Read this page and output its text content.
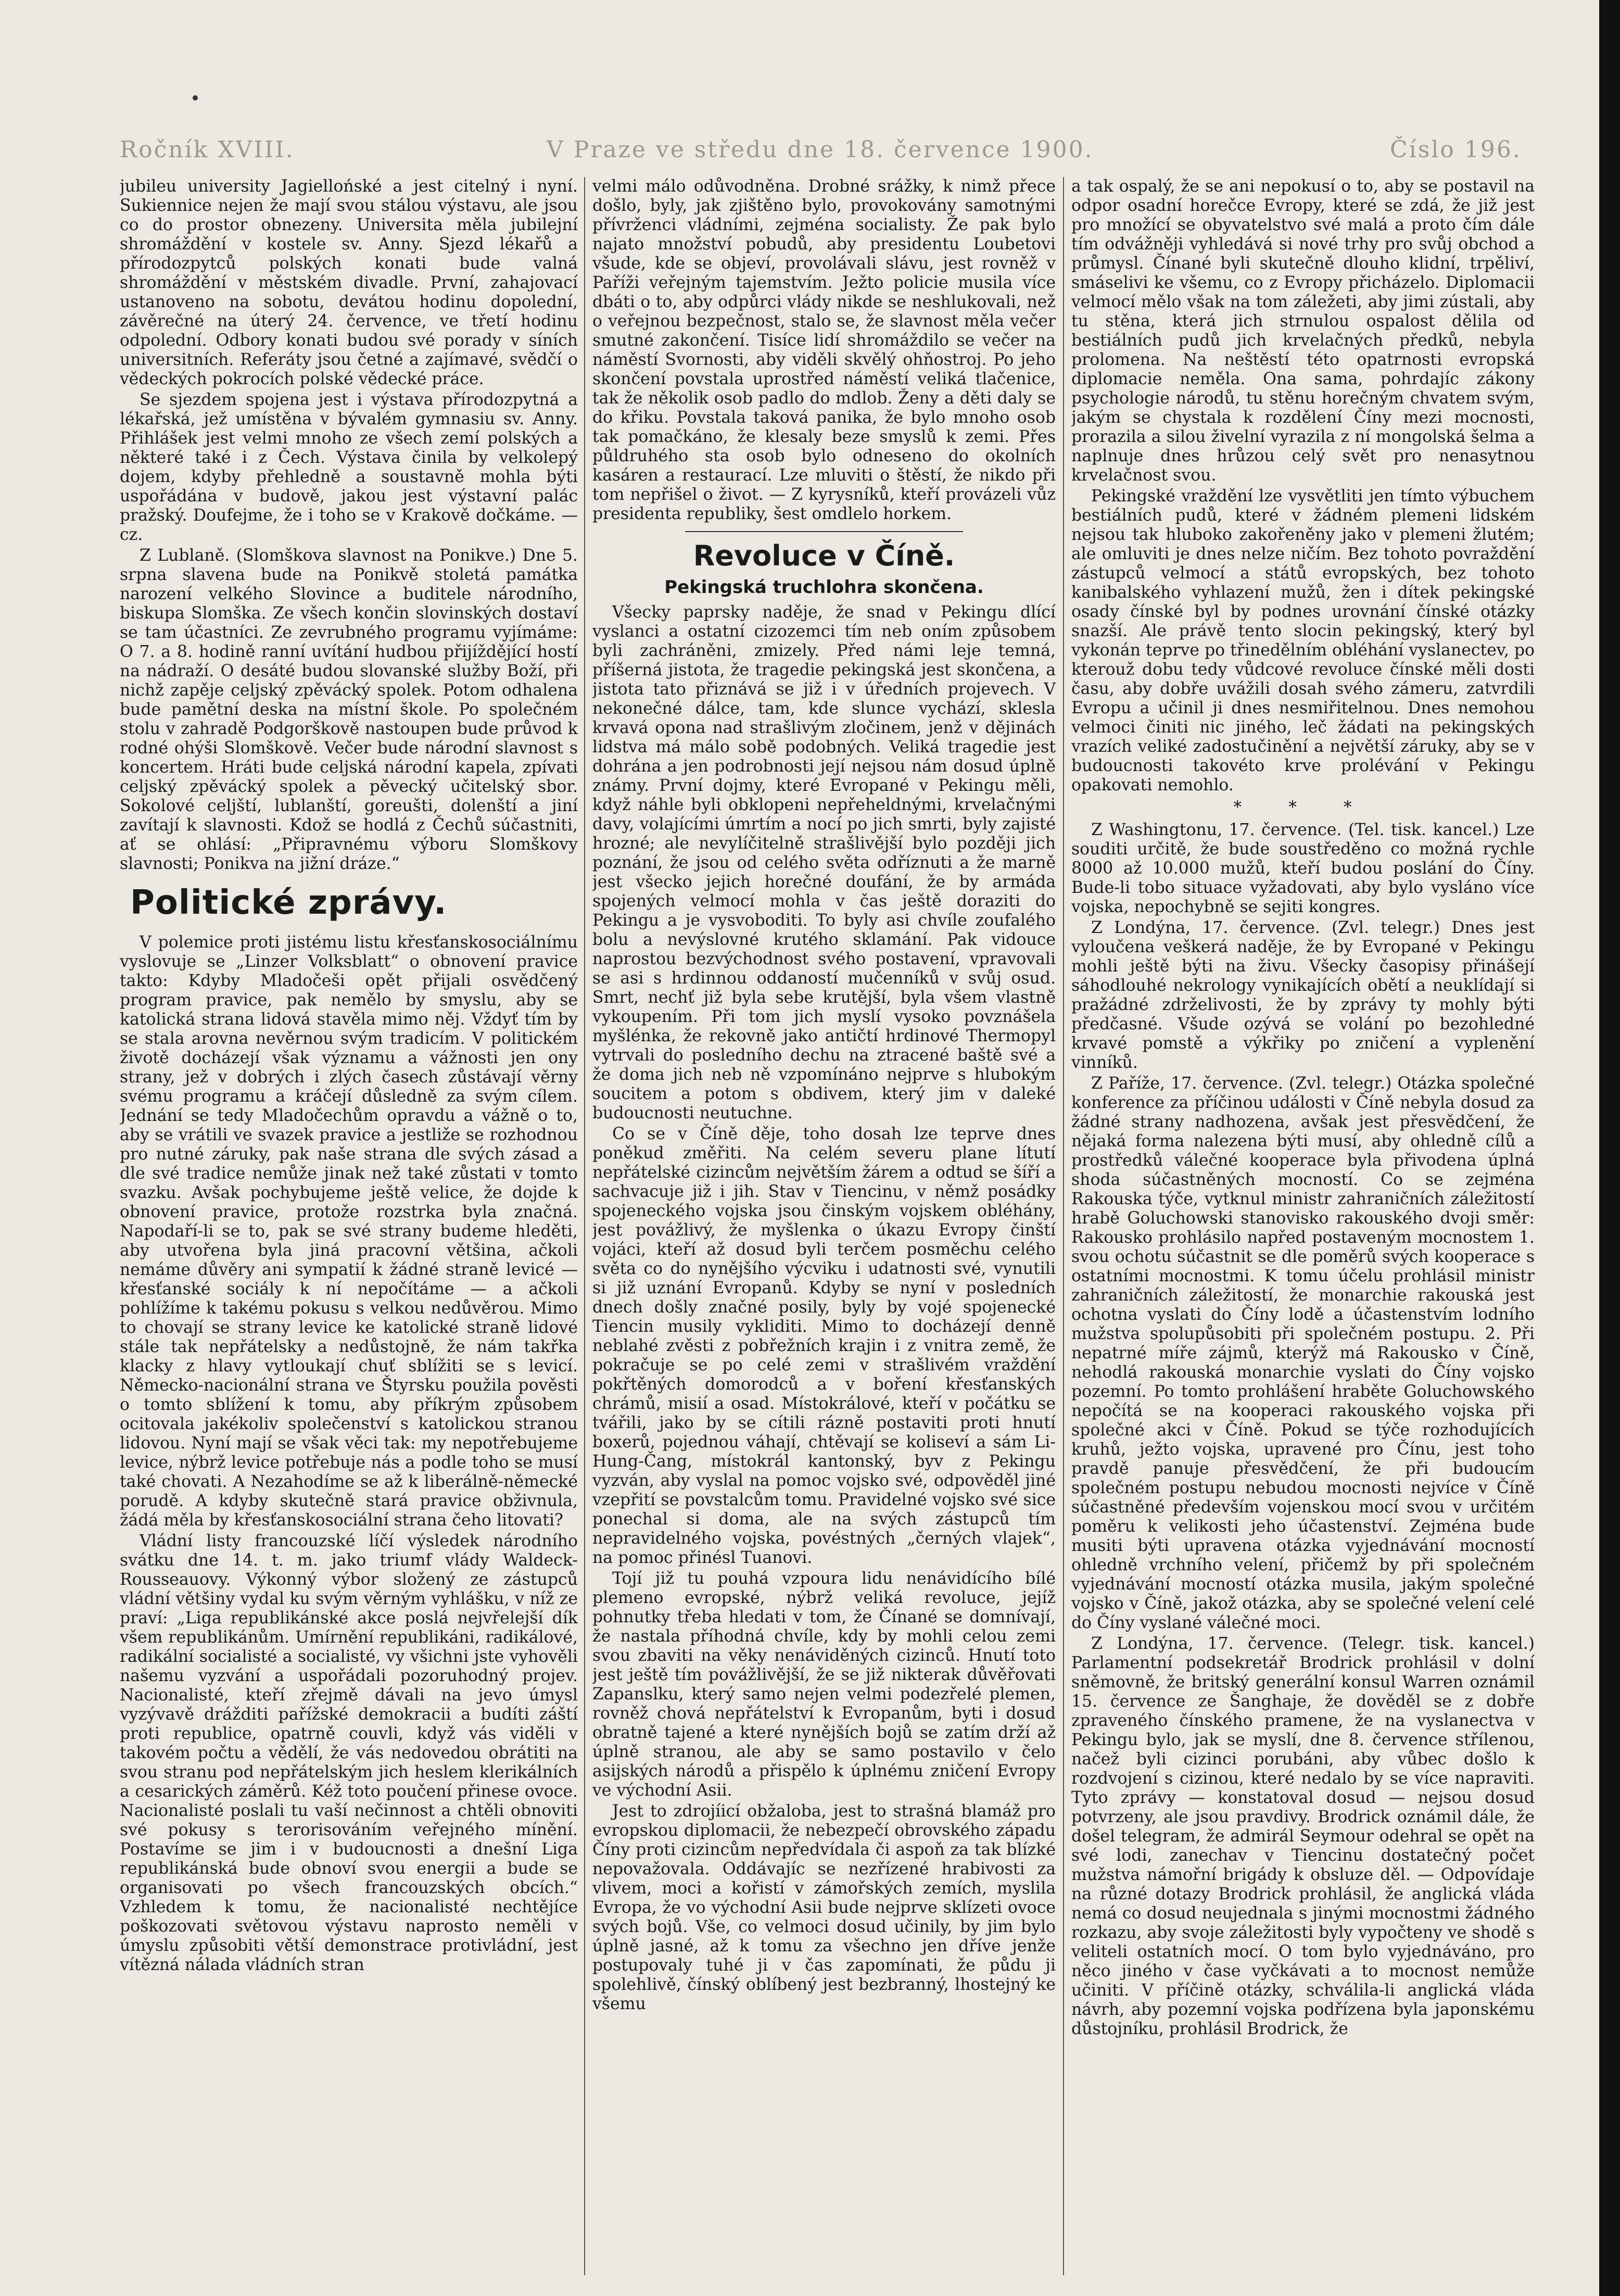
Ročník XVIII.	V Praze ve středu dne 18. července 1900.	Číslo 196.

jubileu university Jagiellońské a jest citelný i nyní. Sukiennice nejen že mají svou stálou výstavu, ale jsou co do prostor obnezeny. Universita měla jubilejní shromáždění v kostele sv. Anny. Sjezd lékařů a přírodozpytců polských konati bude valná shromáždění v městském divadle. První, zahajovací ustanoveno na sobotu, devátou hodinu dopolední, závěrečné na úterý 24. července, ve třetí hodinu odpolední. Odbory konati budou své porady v síních universitních. Referáty jsou četné a zajímavé, svědčí o vědeckých pokrocích polské vědecké práce.

Se sjezdem spojena jest i výstava přírodozpytná a lékařská, jež umístěna v bývalém gymnasiu sv. Anny. Přihlášek jest velmi mnoho ze všech zemí polských a některé také i z Čech. Výstava činila by velkolepý dojem, kdyby přehledně a soustavně mohla býti uspořádána v budově, jakou jest výstavní palác pražský. Doufejme, že i toho se v Krakově dočkáme. —cz.

Z Lublaně. (Slomškova slavnost na Ponikve.) Dne 5. srpna slavena bude na Ponikvě stoletá památka narození velkého Slovince a buditele národního, biskupa Slomška. Ze všech končin slovinských dostaví se tam účastníci. Ze zevrubného programu vyjímáme: O 7. a 8. hodině ranní uvítání hudbou přijíždějící hostí na nádraží. O desáté budou slovanské služby Boží, při nichž zapěje celjský zpěvácký spolek. Potom odhalena bude pamětní deska na místní škole. Po společném stolu v zahradě Podgorškově nastoupen bude průvod k rodné ohýši Slomškově. Večer bude národní slavnost s koncertem. Hráti bude celjská národní kapela, zpívati celjský zpěvácký spolek a pěvecký učitelský sbor. Sokolové celjští, lublanští, goreušti, dolenští a jiní zavítají k slavnosti. Kdož se hodlá z Čechů súčastniti, ať se ohlásí: „Připravnému výboru Slomškovy slavnosti; Ponikva na jižní dráze.“

Politické zprávy.

V polemice proti jistému listu křesťanskosociálnímu vyslovuje se „Linzer Volksblatt“ o obnovení pravice takto: Kdyby Mladočeši opět přijali osvědčený program pravice, pak nemělo by smyslu, aby se katolická strana lidová stavěla mimo něj. Vždyť tím by se stala arovna nevěrnou svým tradicím. V politickém životě docházejí však významu a vážnosti jen ony strany, jež v dobrých i zlých časech zůstávají věrny svému programu a kráčejí důsledně za svým cílem. Jednání se tedy Mladočechům opravdu a vážně o to, aby se vrátili ve svazek pravice a jestliže se rozhodnou pro nutné záruky, pak naše strana dle svých zásad a dle své tradice nemůže jinak než také zůstati v tomto svazku. Avšak pochybujeme ještě velice, že dojde k obnovení pravice, protože rozstrka byla značná. Napodaří-li se to, pak se své strany budeme hleděti, aby utvořena byla jiná pracovní většina, ačkoli nemáme důvěry ani sympatií k žádné straně levicé — křesťanské sociály k ní nepočítáme — a ačkoli pohlížíme k takému pokusu s velkou nedůvěrou. Mimo to chovají se strany levice ke katolické straně lidové stále tak nepřátelsky a nedůstojně, že nám takřka klacky z hlavy vytloukají chuť sblížiti se s levicí. Německo-nacionální strana ve Štyrsku použila pověsti o tomto sblížení k tomu, aby příkrým způsobem ocitovala jakékoliv společenství s katolickou stranou lidovou. Nyní mají se však věci tak: my nepotřebujeme levice, nýbrž levice potřebuje nás a podle toho se musí také chovati. A Nezahodíme se až k liberálně-německé porudě. A kdyby skutečně stará pravice obživnula, žádá měla by křesťanskosociální strana čeho litovati?

Vládní listy francouzské líčí výsledek národního svátku dne 14. t. m. jako triumf vlády Waldeck-Rousseauovy. Výkonný výbor složený ze zástupců vládní většiny vydal ku svým věrným vyhlášku, v níž ze praví: „Liga republikánské akce poslá nejvřelejší dík všem republikánům. Umírnění republikáni, radikálové, radikální socialisté a socialisté, vy všichni jste vyhověli našemu vyzvání a uspořádali pozoruhodný projev. Nacionalisté, kteří zřejmě dávali na jevo úmysl vyzývavě drážditi pařížské demokracii a budíti záští proti republice, opatrně couvli, když vás viděli v takovém počtu a vědělí, že vás nedovedou obrátiti na svou stranu pod nepřátelským jich heslem klerikálních a cesarických záměrů. Kéž toto poučení přinese ovoce. Nacionalisté poslali tu vaší nečinnost a chtěli obnoviti své pokusy s terorisováním veřejného mínění. Postavíme se jim i v budoucnosti a dnešní Liga republikánská bude obnoví svou energii a bude se organisovati po všech francouzských obcích.“ Vzhledem k tomu, že nacionalisté nechtějíce poškozovati světovou výstavu naprosto neměli v úmyslu způsobiti větší demonstrace protivládní, jest vítězná nálada vládních stran

velmi málo odůvodněna. Drobné srážky, k nimž přece došlo, byly, jak zjištěno bylo, provokovány samotnými přívrženci vládními, zejména socialisty. Že pak bylo najato množství pobudů, aby presidentu Loubetovi všude, kde se objeví, provolávali slávu, jest rovněž v Paříži veřejným tajemstvím. Ježto policie musila více dbáti o to, aby odpůrci vlády nikde se neshlukovali, než o veřejnou bezpečnost, stalo se, že slavnost měla večer smutné zakončení. Tisíce lidí shromáždilo se večer na náměstí Svornosti, aby viděli skvělý ohňostroj. Po jeho skončení povstala uprostřed náměstí veliká tlačenice, tak že několik osob padlo do mdlob. Ženy a děti daly se do křiku. Povstala taková panika, že bylo mnoho osob tak pomačkáno, že klesaly beze smyslů k zemi. Přes půldruhého sta osob bylo odneseno do okolních kasáren a restaurací. Lze mluviti o štěstí, že nikdo při tom nepřišel o život. — Z kyrysníků, kteří provázeli vůz presidenta republiky, šest omdlelo horkem.

Revoluce v Číně.
Pekingská truchlohra skončena.

Všecky paprsky naděje, že snad v Pekingu dlící vyslanci a ostatní cizozemci tím neb oním způsobem byli zachráněni, zmizely. Před námi leje temná, příšerná jistota, že tragedie pekingská jest skončena, a jistota tato přiznává se již i v úředních projevech. V nekonečné dálce, tam, kde slunce vychází, sklesla krvavá opona nad strašlivým zločinem, jenž v dějinách lidstva má málo sobě podobných. Veliká tragedie jest dohrána a jen podrobnosti její nejsou nám dosud úplně známy. První dojmy, které Evropané v Pekingu měli, když náhle byli obklopeni nepřeheldnými, krvelačnými davy, volajícími úmrtím a nocí po jich smrti, byly zajisté hrozné; ale nevylíčitelně strašlivější bylo později jich poznání, že jsou od celého světa odříznuti a že marně jest všecko jejich horečné doufání, že by armáda spojených velmocí mohla v čas ještě doraziti do Pekingu a je vysvoboditi. To byly asi chvíle zoufalého bolu a nevýslovné krutého sklamání. Pak vidouce naprostou bezvýchodnost svého postavení, vpravovali se asi s hrdinnou oddaností mučenníků v svůj osud. Smrt, nechť již byla sebe krutější, byla všem vlastně vykoupením. Při tom jich myslí vysoko povznášela myšlénka, že rekovně jako antičtí hrdinové Thermopyl vytrvali do posledního dechu na ztracené baště své a že doma jich neb ně vzpomínáno nejprve s hlubokým soucitem a potom s obdivem, který jim v daleké budoucnosti neutuchne.

Co se v Číně děje, toho dosah lze teprve dnes poněkud změřiti. Na celém severu plane lítutí nepřátelské cizincům největším žárem a odtud se šíří a sachvacuje již i jih. Stav v Tiencinu, v němž posádky spojeneckého vojska jsou činským vojskem obléhány, jest povážlivý, že myšlenka o úkazu Evropy činští vojáci, kteří až dosud byli terčem posměchu celého světa co do nynějšího výcviku i udatnosti své, vynutili si již uznání Evropanů. Kdyby se nyní v posledních dnech došly značné posily, byly by vojé spojenecké Tiencin musily vykliditi. Mimo to docházejí denně neblahé zvěsti z pobřežních krajin i z vnitra země, že pokračuje se po celé zemi v strašlivém vraždění pokřtěných domorodců a v boření křesťanských chrámů, misií a osad. Místokrálové, kteří v počátku se tvářili, jako by se cítili rázně postaviti proti hnutí boxerů, pojednou váhají, chtěvají se koliseví a sám Li-Hung-Čang, místokrál kantonský, byv z Pekingu vyzván, aby vyslal na pomoc vojsko své, odpověděl jiné vzepřití se povstalcům tomu. Pravidelné vojsko své sice ponechal si doma, ale na svých zástupců tím nepravidelného vojska, povéstných „černých vlajek“, na pomoc přinésl Tuanovi.

Tojí již tu pouhá vzpoura lidu nenávidícího bílé plemeno evropské, nýbrž veliká revoluce, jejíž pohnutky třeba hledati v tom, že Čínané se domnívají, že nastala příhodná chvíle, kdy by mohli celou zemi svou zbaviti na věky nenáviděných cizinců. Hnutí toto jest ještě tím povážlivější, že se již nikterak důvěřovati Zapanslku, který samo nejen velmi podezřelé plemen, rovněž chová nepřátelství k Evropanům, byti i dosud obratně tajené a které nynějších bojů se zatím drží až úplně stranou, ale aby se samo postavilo v čelo asijských národů a přispělo k úplnému zničení Evropy ve východní Asii.

Jest to zdrojíicí obžaloba, jest to strašná blamáž pro evropskou diplomacii, že nebezpečí obrovského západu Číny proti cizincům nepředvídala či aspoň za tak blízké nepovažovala. Oddávajíc se nezřízené hrabivosti za vlivem, moci a kořistí v zámořských zemích, myslila Evropa, že vo východní Asii bude nejprve sklízeti ovoce svých bojů. Vše, co velmoci dosud učinily, by jim bylo úplně jasné, až k tomu za všechno jen dříve jenže postupovaly tuhé ji v čas zapomínati, že půdu ji spolehlivě, čínský oblíbený jest bezbranný, lhostejný ke všemu

a tak ospalý, že se ani nepokusí o to, aby se postavil na odpor osadní horečce Evropy, které se zdá, že již jest pro množící se obyvatelstvo své malá a proto čím dále tím odvážněji vyhledává si nové trhy pro svůj obchod a průmysl. Čínané byli skutečně dlouho klidní, trpěliví, smáselivi ke všemu, co z Evropy přicházelo. Diplomacii velmocí mělo však na tom záležeti, aby jimi zústali, aby tu stěna, která jich strnulou ospalost dělila od bestiálních pudů jich krvelačných předků, nebyla prolomena. Na neštěstí této opatrnosti evropská diplomacie neměla. Ona sama, pohrdajíc zákony psychologie národů, tu stěnu horečným chvatem svým, jakým se chystala k rozdělení Číny mezi mocnosti, prorazila a silou živelní vyrazila z ní mongolská šelma a naplnuje dnes hrůzou celý svět pro nenasytnou krvelačnost svou.

Pekingské vraždění lze vysvětliti jen tímto výbuchem bestiálních pudů, které v žádném plemeni lidském nejsou tak hluboko zakořeněny jako v plemeni žlutém; ale omluviti je dnes nelze ničím. Bez tohoto povraždění zástupců velmocí a států evropských, bez tohoto kanibalského vyhlazení mužů, žen i dítek pekingské osady čínské byl by podnes urovnání čínské otázky snazší. Ale právě tento slocin pekingský, který byl vykonán teprve po třinedělním obléhání vyslanectev, po kterouž dobu tedy vůdcové revoluce čínské měli dosti času, aby dobře uvážili dosah svého zámeru, zatvrdili Evropu a učinil ji dnes nesmiřitelnou. Dnes nemohou velmoci činiti nic jiného, leč žádati na pekingských vrazích veliké zadostučinění a největší záruky, aby se v budoucnosti takovéto krve prolévání v Pekingu opakovati nemohlo.

* * *

Z Washingtonu, 17. července. (Tel. tisk. kancel.) Lze souditi určitě, že bude soustředěno co možná rychle 8000 až 10.000 mužů, kteří budou poslání do Číny. Bude-li tobo situace vyžadovati, aby bylo vysláno více vojska, nepochybně se sejiti kongres.

Z Londýna, 17. července. (Zvl. telegr.) Dnes jest vyloučena veškerá naděje, že by Evropané v Pekingu mohli ještě býti na živu. Všecky časopisy přinášejí sáhodlouhé nekrology vynikajících obětí a neuklídají si pražádné zdrželivosti, že by zprávy ty mohly býti předčasné. Všude ozývá se volání po bezohledné krvavé pomstě a výkřiky po zničení a vyplenění vinníků.

Z Paříže, 17. července. (Zvl. telegr.) Otázka společné konference za příčinou události v Číně nebyla dosud za žádné strany nadhozena, avšak jest přesvědčení, že nějaká forma nalezena býti musí, aby ohledně cílů a prostředků válečné kooperace byla přivodena úplná shoda súčastněných mocností. Co se zejména Rakouska týče, vytknul ministr zahraničních záležitostí hrabě Goluchowski stanovisko rakouského dvoji směr: Rakousko prohlásilo napřed postaveným mocnostem 1. svou ochotu súčastnit se dle poměrů svých kooperace s ostatními mocnostmi. K tomu účelu prohlásil ministr zahraničních záležitostí, že monarchie rakouská jest ochotna vyslati do Číny lodě a účastenstvím lodního mužstva spolupůsobiti při společném postupu. 2. Při nepatrné míře zájmů, kterýž má Rakousko v Číně, nehodlá rakouská monarchie vyslati do Číny vojsko pozemní. Po tomto prohlášení hraběte Goluchowského nepočítá se na kooperaci rakouského vojska při společné akci v Číně. Pokud se týče rozhodujících kruhů, ježto vojska, upravené pro Čínu, jest toho pravdě panuje přesvědčení, že při budoucím společném postupu nebudou mocnosti nejvíce v Číně súčastněné především vojenskou mocí svou v určitém poměru k velikosti jeho účastenství. Zejména bude musiti býti upravena otázka vyjednávání mocností ohledně vrchního velení, přičemž by při společném vyjednávání mocností otázka musila, jakým společné vojsko v Číně, jakož otázka, aby se společné velení celé do Číny vyslané válečné moci.

Z Londýna, 17. července. (Telegr. tisk. kancel.) Parlamentní podsekretář Brodrick prohlásil v dolní sněmovně, že britský generální konsul Warren oznámil 15. července ze Šanghaje, že dověděl se z dobře zpraveného čínského pramene, že na vyslanectva v Pekingu bylo, jak se myslí, dne 8. července střílenou, načež byli cizinci porubáni, aby vůbec došlo k rozdvojení s cizinou, které nedalo by se více napraviti. Tyto zprávy — konstatoval dosud — nejsou dosud potvrzeny, ale jsou pravdivy. Brodrick oznámil dále, že došel telegram, že admirál Seymour odehral se opět na své lodi, zanechav v Tiencinu dostatečný počet mužstva námořní brigády k obsluze děl. — Odpovídaje na různé dotazy Brodrick prohlásil, že anglická vláda nemá co dosud neujednala s jinými mocnostmi žádného rozkazu, aby svoje záležitosti byly vypočteny ve shodě s veliteli ostatních mocí. O tom bylo vyjednáváno, pro něco jiného v čase vyčkávati a to mocnost nemůže učiniti. V příčině otázky, schválila-li anglická vláda návrh, aby pozemní vojska podřízena byla japonskému důstojníku, prohlásil Brodrick, že
